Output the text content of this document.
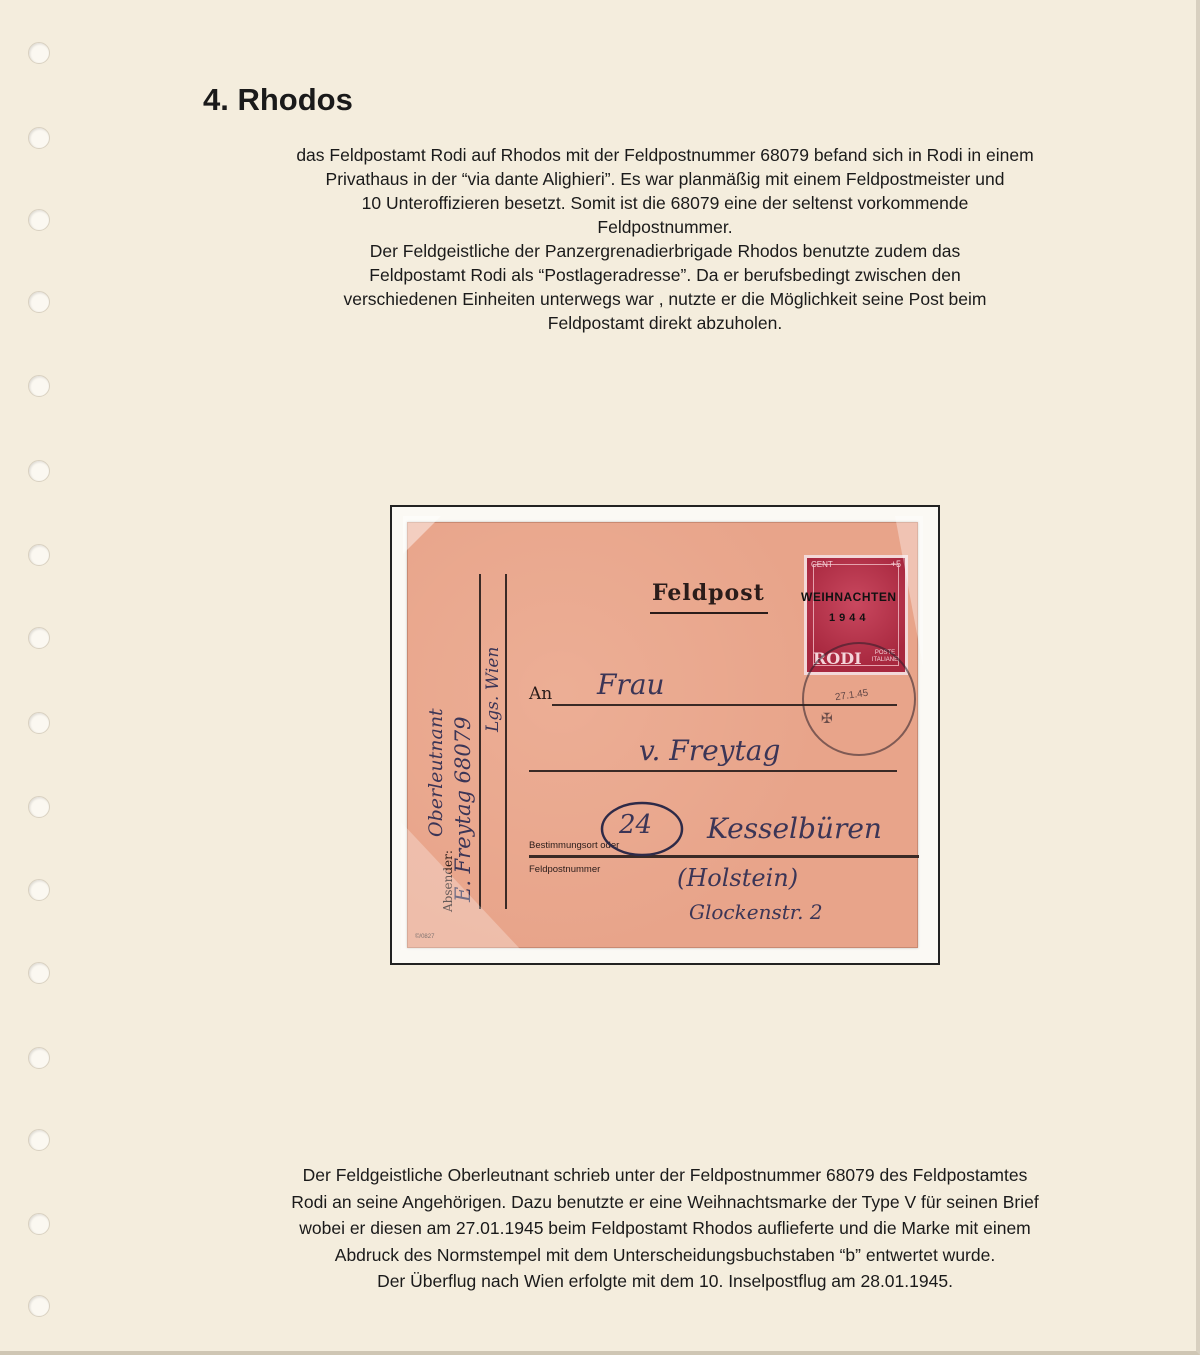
4. Rhodos
das Feldpostamt Rodi auf Rhodos mit der Feldpostnummer 68079 befand sich in Rodi in einem
Privathaus in der “via dante Alighieri”. Es war planmäßig mit einem Feldpostmeister und
10 Unteroffizieren besetzt. Somit ist die 68079 eine der seltenst vorkommende
Feldpostnummer.
Der Feldgeistliche der Panzergrenadierbrigade Rhodos benutzte zudem das
Feldpostamt Rodi als “Postlageradresse”. Da er berufsbedingt zwischen den
verschiedenen Einheiten unterwegs war , nutzte er die Möglichkeit seine Post beim
Feldpostamt direkt abzuholen.
Oberleutnant E. Freytag 68079
Lgs. Wien
Feldpost
An
Bestimmungsort oder
Feldpostnummer
Frau
v. Freytag
24 Kesselbüren
(Holstein)
Glockenstr. 2
CENT	+5
WEIHNACHTEN
1944
RODI	POSTE ITALIANE
27.1.45
✠
Der Feldgeistliche Oberleutnant schrieb unter der Feldpostnummer 68079 des Feldpostamtes
Rodi an seine Angehörigen. Dazu benutzte er eine Weihnachtsmarke der Type V für seinen Brief
wobei er diesen am 27.01.1945 beim Feldpostamt Rhodos auflieferte und die Marke mit einem
Abdruck des Normstempel mit dem Unterscheidungsbuchstaben “b” entwertet wurde.
Der Überflug nach Wien erfolgte mit dem 10. Inselpostflug am 28.01.1945.
